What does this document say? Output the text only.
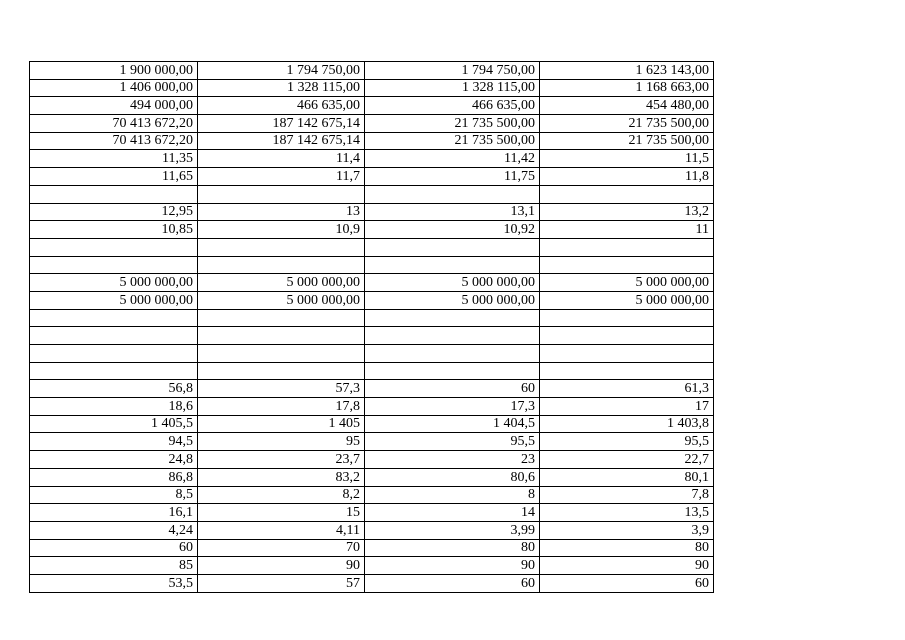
1 900 000,00	1 794 750,00	1 794 750,00	1 623 143,00
1 406 000,00	1 328 115,00	1 328 115,00	1 168 663,00
494 000,00	466 635,00	466 635,00	454 480,00
70 413 672,20	187 142 675,14	21 735 500,00	21 735 500,00
70 413 672,20	187 142 675,14	21 735 500,00	21 735 500,00
11,35	11,4	11,42	11,5
11,65	11,7	11,75	11,8

12,95	13	13,1	13,2
10,85	10,9	10,92	11

5 000 000,00	5 000 000,00	5 000 000,00	5 000 000,00
5 000 000,00	5 000 000,00	5 000 000,00	5 000 000,00

56,8	57,3	60	61,3
18,6	17,8	17,3	17
1 405,5	1 405	1 404,5	1 403,8
94,5	95	95,5	95,5
24,8	23,7	23	22,7
86,8	83,2	80,6	80,1
8,5	8,2	8	7,8
16,1	15	14	13,5
4,24	4,11	3,99	3,9
60	70	80	80
85	90	90	90
53,5	57	60	60
